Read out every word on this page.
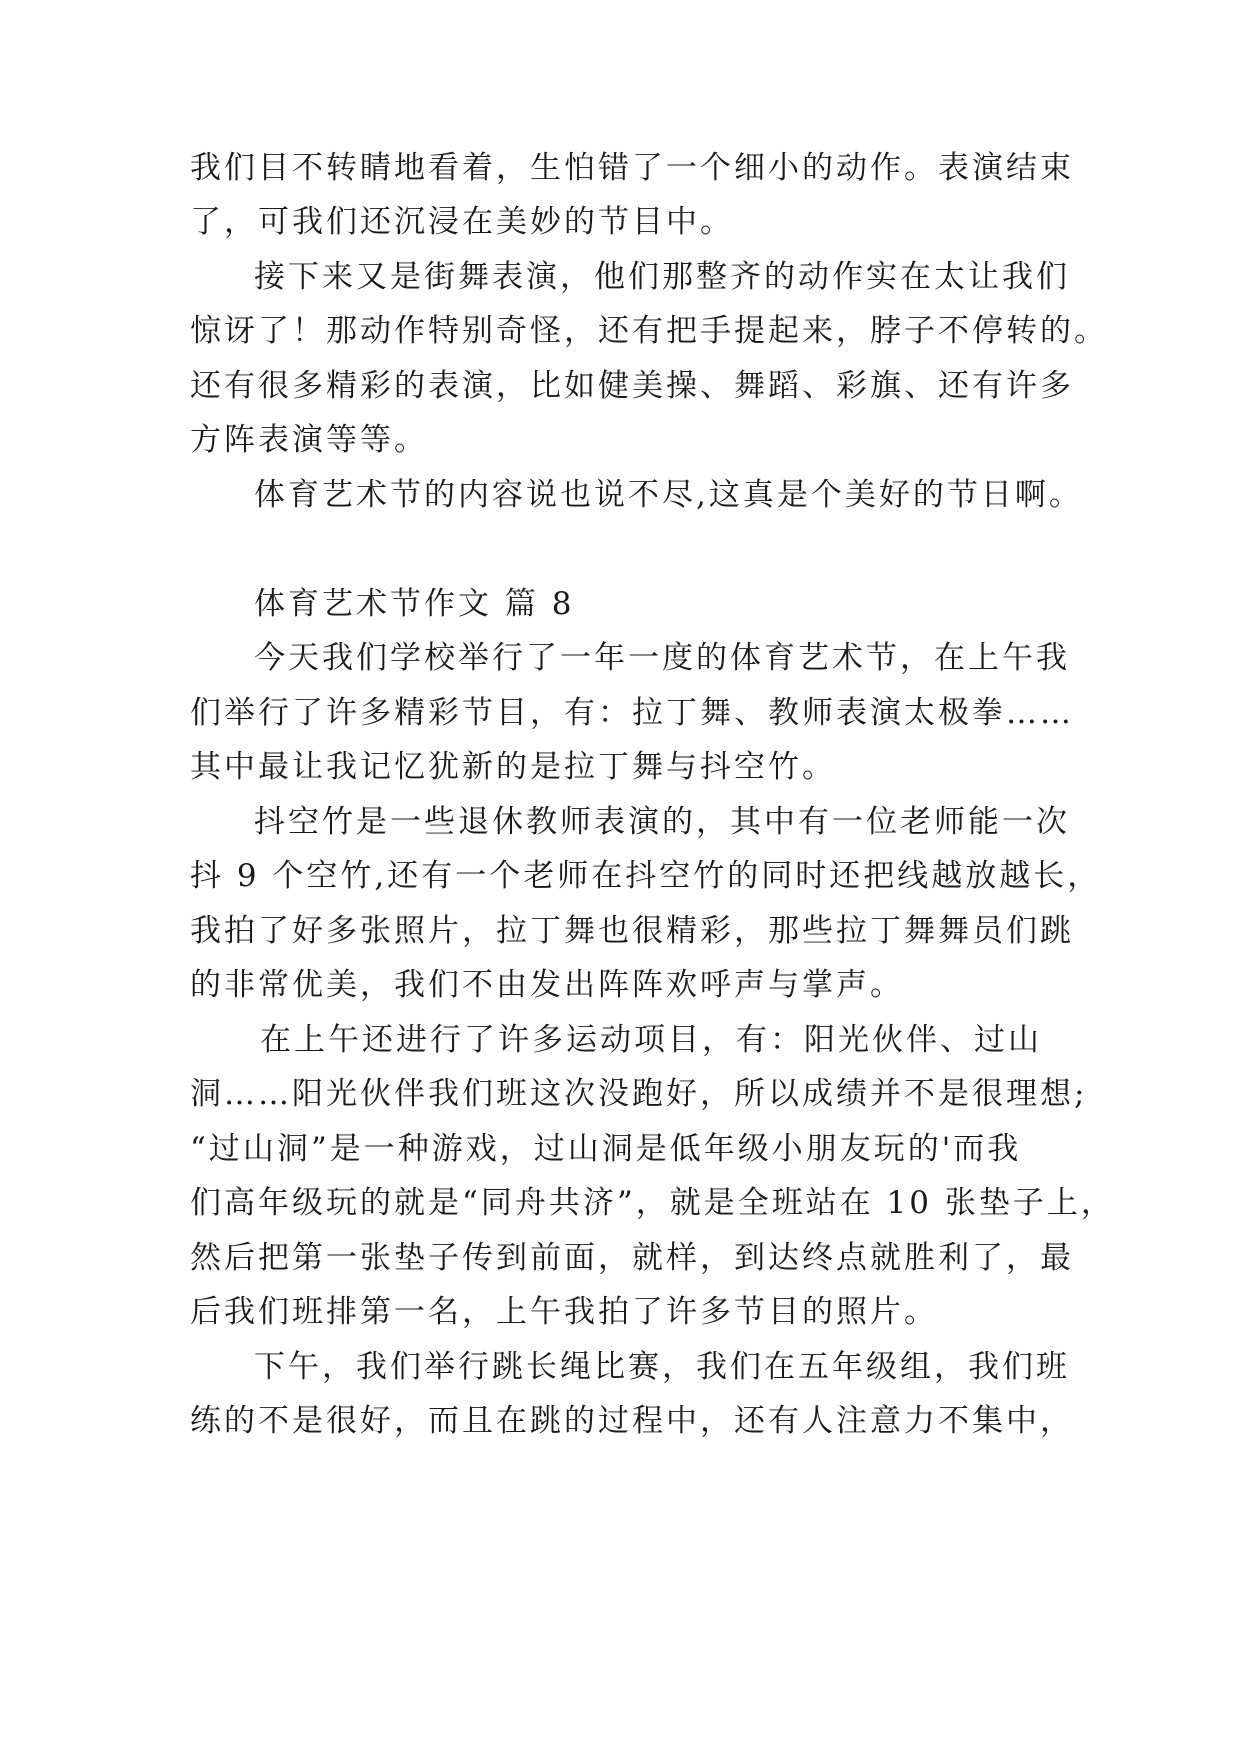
我们目不转睛地看着，生怕错了一个细小的动作。表演结束
了，可我们还沉浸在美妙的节目中。
接下来又是街舞表演，他们那整齐的动作实在太让我们
惊讶了！那动作特别奇怪，还有把手提起来，脖子不停转的。
还有很多精彩的表演，比如健美操、舞蹈、彩旗、还有许多
方阵表演等等。
体育艺术节的内容说也说不尽,这真是个美好的节日啊。
体育艺术节作文 篇 8
今天我们学校举行了一年一度的体育艺术节，在上午我
们举行了许多精彩节目，有：拉丁舞、教师表演太极拳……
其中最让我记忆犹新的是拉丁舞与抖空竹。
抖空竹是一些退休教师表演的，其中有一位老师能一次
抖 9 个空竹,还有一个老师在抖空竹的同时还把线越放越长，
我拍了好多张照片，拉丁舞也很精彩，那些拉丁舞舞员们跳
的非常优美，我们不由发出阵阵欢呼声与掌声。
在上午还进行了许多运动项目，有：阳光伙伴、过山
洞……阳光伙伴我们班这次没跑好，所以成绩并不是很理想;
“过山洞”是一种游戏，过山洞是低年级小朋友玩的'而我
们高年级玩的就是“同舟共济”，就是全班站在 10 张垫子上，
然后把第一张垫子传到前面，就样，到达终点就胜利了，最
后我们班排第一名，上午我拍了许多节目的照片。
下午，我们举行跳长绳比赛，我们在五年级组，我们班
练的不是很好，而且在跳的过程中，还有人注意力不集中，
